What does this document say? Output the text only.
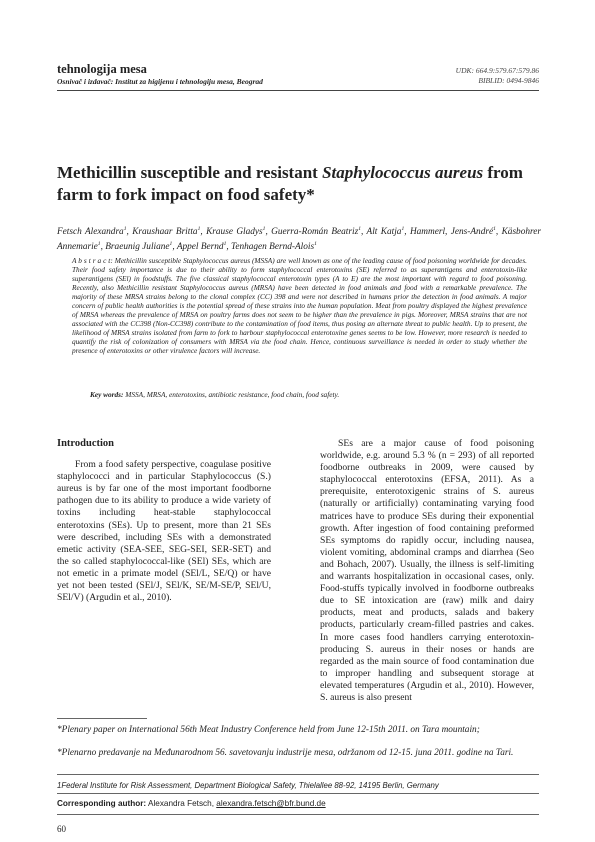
tehnologija mesa
Osnivač i izdavač: Institut za higijenu i tehnologiju mesa, Beograd
UDK: 664.9:579.67:579.86
BIBLID: 0494-9846
Methicillin susceptible and resistant Staphylococcus aureus from farm to fork impact on food safety*
Fetsch Alexandra$^1$, Kraushaar Britta$^1$, Krause Gladys$^1$, Guerra-Román Beatriz$^1$, Alt Katja$^1$, Hammerl, Jens-André$^1$, Käsbohrer Annemarie$^1$, Braeunig Juliane$^1$, Appel Bernd$^1$, Tenhagen Bernd-Alois$^1$
A b s t r a c t: Methicillin susceptible Staphylococcus aureus (MSSA) are well known as one of the leading cause of food poisoning worldwide for decades. Their food safety importance is due to their ability to form staphylococcal enterotoxins (SE) referred to as superantigens and enterotoxin-like superantigens (SEl) in foodstuffs. The five classical staphylococcal enterotoxin types (A to E) are the most important with regard to food poisoning. Recently, also Methicillin resistant Staphylococcus aureus (MRSA) have been detected in food animals and food with a remarkable prevalence. The majority of these MRSA strains belong to the clonal complex (CC) 398 and were not described in humans prior the detection in food animals. A major concern of public health authorities is the potential spread of these strains into the human population. Meat from poultry displayed the highest prevalence of MRSA whereas the prevalence of MRSA on poultry farms does not seem to be higher than the prevalence in pigs. Moreover, MRSA strains that are not associated with the CC398 (Non-CC398) contribute to the contamination of food items, thus posing an alternate threat to public health. Up to present, the likelihood of MRSA strains isolated from farm to fork to harbour staphylococcal enterotoxine genes seems to be low. However, more research is needed to quantify the risk of colonization of consumers with MRSA via the food chain. Hence, continuous surveillance is needed in order to study whether the presence of enterotoxins or other virulence factors will increase.
Key words: MSSA, MRSA, enterotoxins, antibiotic resistance, food chain, food safety.
Introduction

From a food safety perspective, coagulase positive staphylococci and in particular Staphylococcus (S.) aureus is by far one of the most important foodborne pathogen due to its ability to produce a wide variety of toxins including heat-stable staphylococcal enterotoxins (SEs). Up to present, more than 21 SEs were described, including SEs with a demonstrated emetic activity (SEA-SEE, SEG-SEI, SER-SET) and the so called staphylococcal-like (SEl) SEs, which are not emetic in a primate model (SEl/L, SE/Q) or have yet not been tested (SEl/J, SEl/K, SE/M-SE/P, SEl/U, SEl/V) (Argudin et al., 2010).

SEs are a major cause of food poisoning worldwide, e.g. around 5.3 % (n = 293) of all reported foodborne outbreaks in 2009, were caused by staphylococcal enterotoxins (EFSA, 2011). As a prerequisite, enterotoxigenic strains of S. aureus (naturally or artificially) contaminating varying food matrices have to produce SEs during their exponential growth. After ingestion of food containing preformed SEs symptoms do rapidly occur, including nausea, violent vomiting, abdominal cramps and diarrhea (Seo and Bohach, 2007). Usually, the illness is self-limiting and warrants hospitalization in occasional cases, only. Food-stuffs typically involved in foodborne outbreaks due to SE intoxication are (raw) milk and dairy products, meat and products, salads and bakery products, particularly cream-filled pastries and cakes. In more cases food handlers carrying enterotoxin-producing S. aureus in their noses or hands are regarded as the main source of food contamination due to improper handling and subsequent storage at elevated temperatures (Argudin et al., 2010). However, S. aureus is also present

*Plenary paper on International 56th Meat Industry Conference held from June 12-15th 2011. on Tara mountain;
*Plenarno predavanje na Međunarodnom 56. savetovanju industrije mesa, održanom od 12-15. juna 2011. godine na Tari.
1Federal Institute for Risk Assessment, Department Biological Safety, Thielallee 88-92, 14195 Berlin, Germany
Corresponding author: Alexandra Fetsch, alexandra.fetsch@bfr.bund.de
60
